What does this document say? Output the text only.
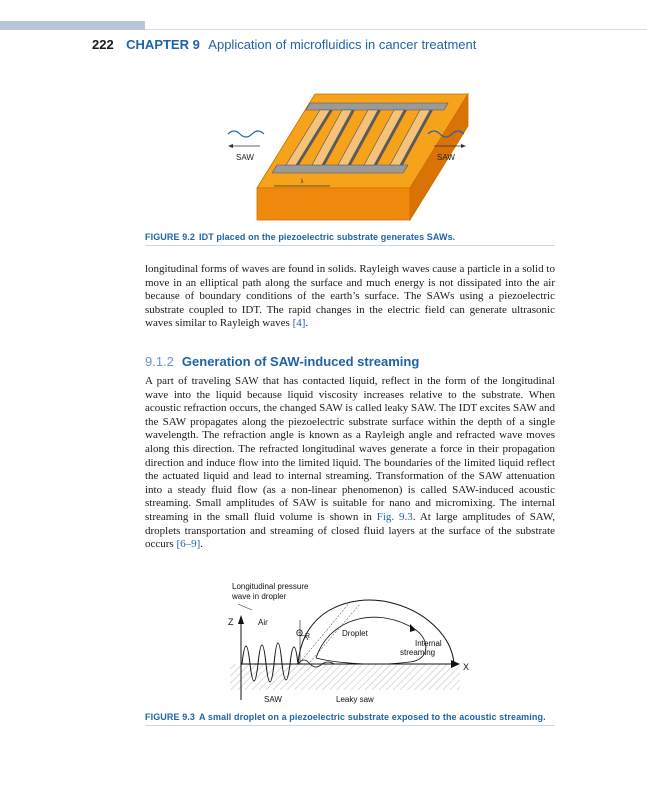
222 CHAPTER 9 Application of microfluidics in cancer treatment
λ
SAW	SAW
FIGURE 9.2 IDT placed on the piezoelectric substrate generates SAWs.

longitudinal forms of waves are found in solids. Rayleigh waves cause a particle in a solid to move in an elliptical path along the surface and much energy is not dissipated into the air because of boundary conditions of the earth’s surface. The SAWs using a piezoelectric substrate coupled to IDT. The rapid changes in the electric field can generate ultrasonic waves similar to Rayleigh waves [4].

9.1.2 Generation of SAW-induced streaming

A part of traveling SAW that has contacted liquid, reflect in the form of the longitudinal wave into the liquid because liquid viscosity increases relative to the substrate. When acoustic refraction occurs, the changed SAW is called leaky SAW. The IDT excites SAW and the SAW propagates along the piezoelectric substrate surface within the depth of a single wavelength. The refraction angle is known as a Rayleigh angle and refracted wave moves along this direction. The refracted longitudinal waves generate a force in their propagation direction and induce flow into the limited liquid. The boundaries of the limited liquid reflect the actuated liquid and lead to internal streaming. Transformation of the SAW attenuation into a steady fluid flow (as a non-linear phenomenon) is called SAW-induced acoustic streaming. Small amplitudes of SAW is suitable for nano and micromixing. The internal streaming in the small fluid volume is shown in Fig. 9.3. At large amplitudes of SAW, droplets transportation and streaming of closed fluid layers at the surface of the substrate occurs [6–9].

Z
X
Θ R
Longitudinal pressure
wave in dropler
Air
Droplet
Internal
streaming
SAW	Leaky saw
FIGURE 9.3 A small droplet on a piezoelectric substrate exposed to the acoustic streaming.
